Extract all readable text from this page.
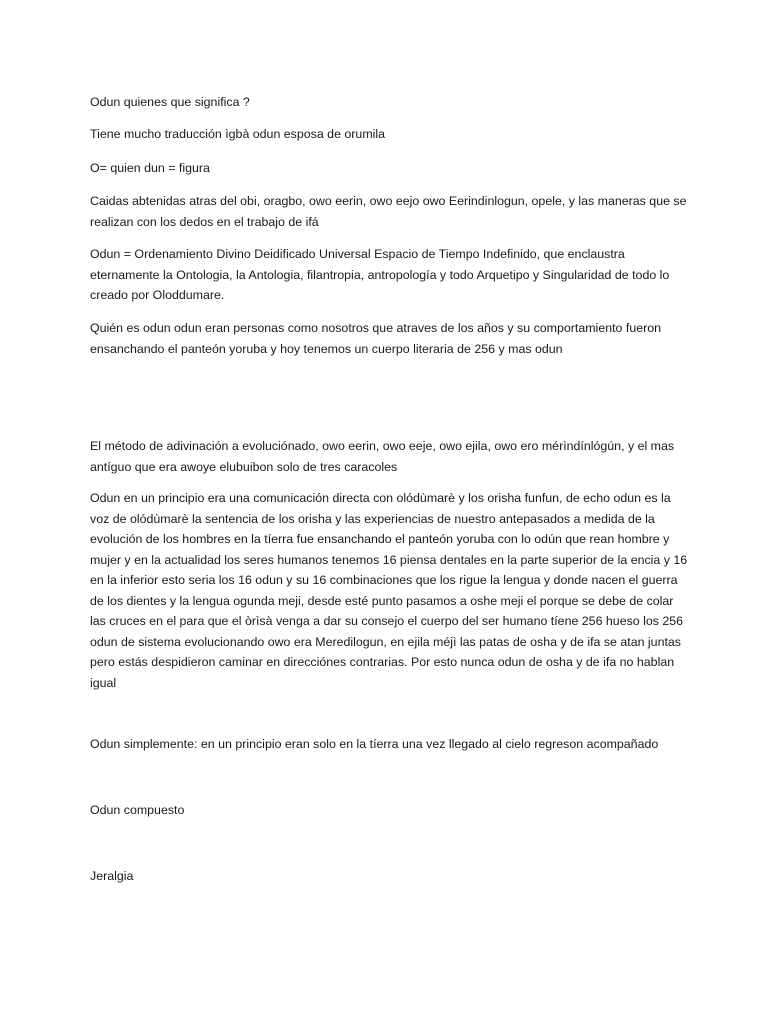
Odun quienes que significa ?

Tiene mucho traducción ìgbà odun esposa de orumila

O= quien dun = figura

Caidas abtenidas atras del obi, oragbo, owo eerin, owo eejo owo Eerindinlogun, opele, y las maneras que se realizan con los dedos en el trabajo de ifá

Odun = Ordenamiento Divino Deidificado Universal Espacio de Tiempo Indefinido, que enclaustra eternamente la Ontologia, la Antologia, filantropia, antropología y todo Arquetipo y Singularidad de todo lo creado por Oloddumare.

Quién es odun odun eran personas como nosotros que atraves de los años y su comportamiento fueron ensanchando el panteón yoruba y hoy tenemos un cuerpo literaria de 256 y mas odun

El método de adivinación a evoluciónado, owo eerin, owo eeje, owo ejila, owo ero mérìndínlógún, y el mas antíguo que era awoye elubuibon solo de tres caracoles

Odun en un principio era una comunicación directa con olódùmarè y los orisha funfun, de echo odun es la voz de olódùmarè la sentencia de los orisha y las experiencias de nuestro antepasados a medida de la evolución de los hombres en la tíerra fue ensanchando el panteón yoruba con lo odún que rean hombre y mujer y en la actualidad los seres humanos tenemos 16 piensa dentales en la parte superior de la encia y 16 en la inferior esto seria los 16 odun y su 16 combinaciones que los rigue la lengua y donde nacen el guerra de los dientes y la lengua ogunda meji, desde esté punto pasamos a oshe meji el porque se debe de colar las cruces en el para que el òrìsà venga a dar su consejo el cuerpo del ser humano tíene 256 hueso los 256 odun de sistema evolucionando owo era Meredilogun, en ejila méjì las patas de osha y de ifa se atan juntas pero estás despidieron caminar en direcciónes contrarias. Por esto nunca odun de osha y de ifa no hablan igual

Odun simplemente: en un principio eran solo en la tíerra una vez llegado al cielo regreson acompañado

Odun compuesto

Jeralgia
